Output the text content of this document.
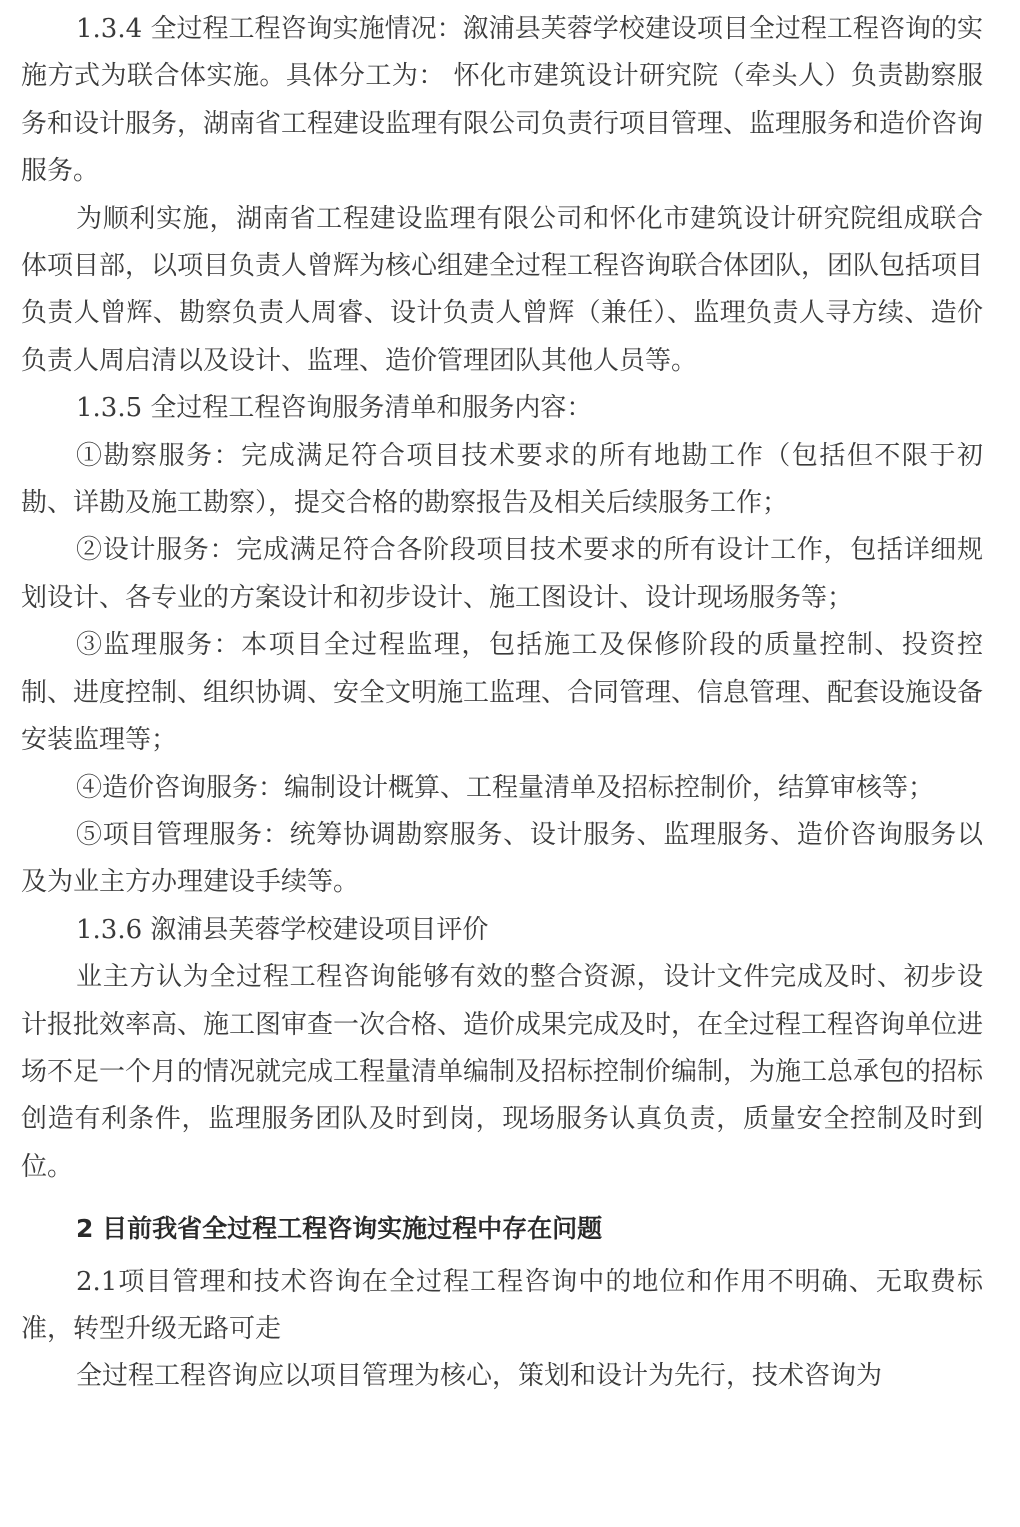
1.3.4 全过程工程咨询实施情况：溆浦县芙蓉学校建设项目全过程工程咨询的实施方式为联合体实施。具体分工为： 怀化市建筑设计研究院（牵头人）负责勘察服务和设计服务，湖南省工程建设监理有限公司负责行项目管理、监理服务和造价咨询服务。

为顺利实施，湖南省工程建设监理有限公司和怀化市建筑设计研究院组成联合体项目部，以项目负责人曾辉为核心组建全过程工程咨询联合体团队，团队包括项目负责人曾辉、勘察负责人周睿、设计负责人曾辉（兼任）、监理负责人寻方续、造价负责人周启清以及设计、监理、造价管理团队其他人员等。

1.3.5 全过程工程咨询服务清单和服务内容：

①勘察服务：完成满足符合项目技术要求的所有地勘工作（包括但不限于初勘、详勘及施工勘察），提交合格的勘察报告及相关后续服务工作；

②设计服务：完成满足符合各阶段项目技术要求的所有设计工作，包括详细规划设计、各专业的方案设计和初步设计、施工图设计、设计现场服务等；

③监理服务：本项目全过程监理，包括施工及保修阶段的质量控制、投资控制、进度控制、组织协调、安全文明施工监理、合同管理、信息管理、配套设施设备安装监理等；

④造价咨询服务：编制设计概算、工程量清单及招标控制价，结算审核等；

⑤项目管理服务：统筹协调勘察服务、设计服务、监理服务、造价咨询服务以及为业主方办理建设手续等。

1.3.6 溆浦县芙蓉学校建设项目评价

业主方认为全过程工程咨询能够有效的整合资源，设计文件完成及时、初步设计报批效率高、施工图审查一次合格、造价成果完成及时，在全过程工程咨询单位进场不足一个月的情况就完成工程量清单编制及招标控制价编制，为施工总承包的招标创造有利条件，监理服务团队及时到岗，现场服务认真负责，质量安全控制及时到位。

2 目前我省全过程工程咨询实施过程中存在问题

2.1项目管理和技术咨询在全过程工程咨询中的地位和作用不明确、无取费标准，转型升级无路可走

全过程工程咨询应以项目管理为核心，策划和设计为先行，技术咨询为
